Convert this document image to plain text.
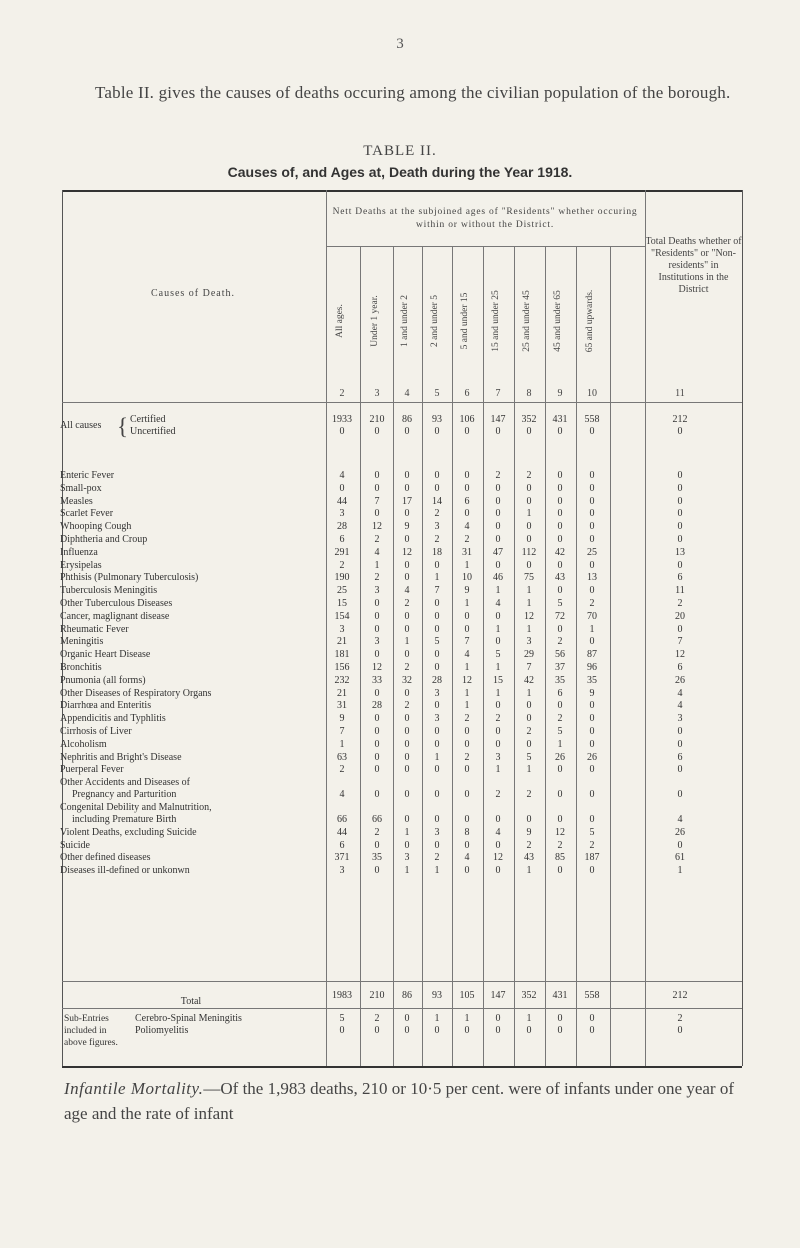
3
Table II. gives the causes of deaths occuring among the civilian population of the borough.
TABLE II.
Causes of, and Ages at, Death during the Year 1918.
Causes of Death.
Nett Deaths at the subjoined ages of "Residents" whether occuring within or without the District.
Total Deaths whether of "Residents" or "Non-residents" in Institutions in the District
All ages.	Under 1 year.	1 and under 2	2 and under 5	5 and under 15	15 and under 25	25 and under 45	45 and under 65	65 and upwards.
2	3	4	5	6	7	8	9	10	11
Certified	1933	210	86	93	106	147	352	431	558	212
Uncertified	0	0	0	0	0	0	0	0	0	0
Enteric Fever	4	0	0	0	0	2	2	0	0	0
Small-pox	0	0	0	0	0	0	0	0	0	0
Measles	44	7	17	14	6	0	0	0	0	0
Scarlet Fever	3	0	0	2	0	0	1	0	0	0
Whooping Cough	28	12	9	3	4	0	0	0	0	0
Diphtheria and Croup	6	2	0	2	2	0	0	0	0	0
Influenza	291	4	12	18	31	47	112	42	25	13
Erysipelas	2	1	0	0	1	0	0	0	0	0
Phthisis (Pulmonary Tuberculosis)	190	2	0	1	10	46	75	43	13	6
Tuberculosis Meningitis	25	3	4	7	9	1	1	0	0	11
Other Tuberculous Diseases	15	0	2	0	1	4	1	5	2	2
Cancer, maglignant disease	154	0	0	0	0	0	12	72	70	20
Rheumatic Fever	3	0	0	0	0	1	1	0	1	0
Meningitis	21	3	1	5	7	0	3	2	0	7
Organic Heart Disease	181	0	0	0	4	5	29	56	87	12
Bronchitis	156	12	2	0	1	1	7	37	96	6
Pnumonia (all forms)	232	33	32	28	12	15	42	35	35	26
Other Diseases of Respiratory Organs	21	0	0	3	1	1	1	6	9	4
Diarrhœa and Enteritis	31	28	2	0	1	0	0	0	0	4
Appendicitis and Typhlitis	9	0	0	3	2	2	0	2	0	3
Cirrhosis of Liver	7	0	0	0	0	0	2	5	0	0
Alcoholism	1	0	0	0	0	0	0	1	0	0
Nephritis and Bright's Disease	63	0	0	1	2	3	5	26	26	6
Puerperal Fever	2	0	0	0	0	1	1	0	0	0
Other Accidents and Diseases of
Pregnancy and Parturition	4	0	0	0	0	2	2	0	0	0
Congenital Debility and Malnutrition,
including Premature Birth	66	66	0	0	0	0	0	0	0	4
Violent Deaths, excluding Suicide	44	2	1	3	8	4	9	12	5	26
Suicide	6	0	0	0	0	0	2	2	2	0
Other defined diseases	371	35	3	2	4	12	43	85	187	61
Diseases ill-defined or unkonwn	3	0	1	1	0	0	1	0	0	1
1983	210	86	93	105	147	352	431	558	212
Cerebro-Spinal Meningitis	5	2	0	1	1	0	1	0	0	2
Poliomyelitis	0	0	0	0	0	0	0	0	0	0
All causes {
Total
Sub-Entries included in above figures.
Infantile Mortality.—Of the 1,983 deaths, 210 or 10·5 per cent. were of infants under one year of age and the rate of infant
